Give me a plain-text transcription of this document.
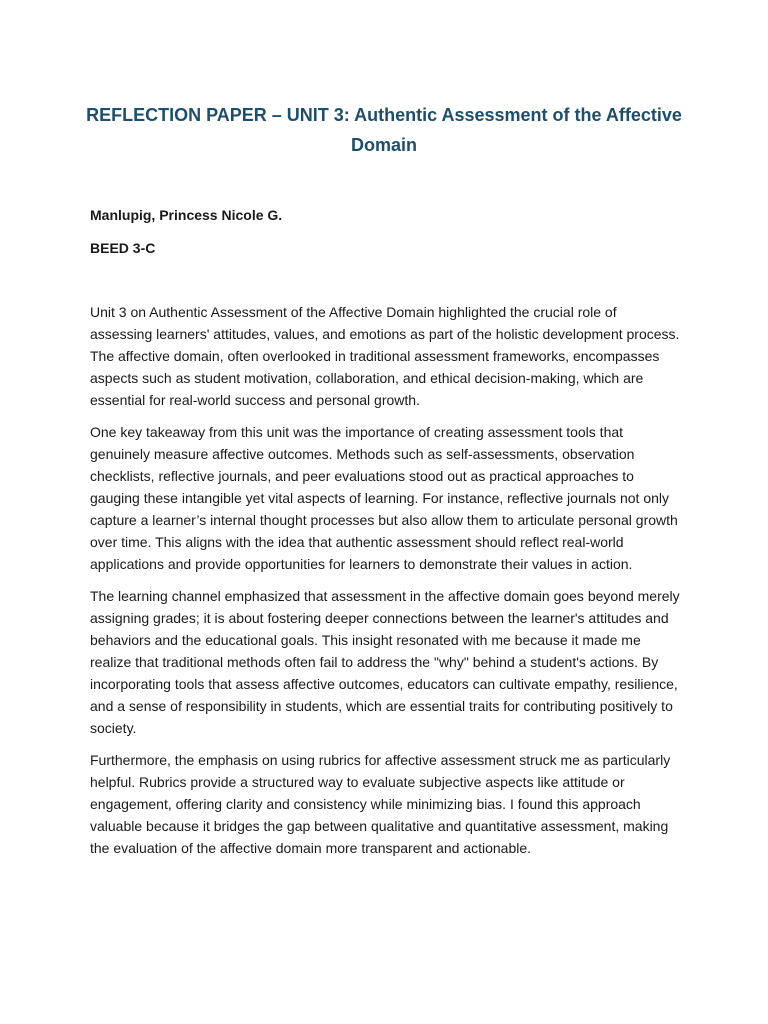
REFLECTION PAPER – UNIT 3: Authentic Assessment of the Affective Domain

Manlupig, Princess Nicole G.

BEED 3-C

Unit 3 on Authentic Assessment of the Affective Domain highlighted the crucial role of assessing learners' attitudes, values, and emotions as part of the holistic development process. The affective domain, often overlooked in traditional assessment frameworks, encompasses aspects such as student motivation, collaboration, and ethical decision-making, which are essential for real-world success and personal growth.

One key takeaway from this unit was the importance of creating assessment tools that genuinely measure affective outcomes. Methods such as self-assessments, observation checklists, reflective journals, and peer evaluations stood out as practical approaches to gauging these intangible yet vital aspects of learning. For instance, reflective journals not only capture a learner’s internal thought processes but also allow them to articulate personal growth over time. This aligns with the idea that authentic assessment should reflect real-world applications and provide opportunities for learners to demonstrate their values in action.

The learning channel emphasized that assessment in the affective domain goes beyond merely assigning grades; it is about fostering deeper connections between the learner's attitudes and behaviors and the educational goals. This insight resonated with me because it made me realize that traditional methods often fail to address the "why" behind a student's actions. By incorporating tools that assess affective outcomes, educators can cultivate empathy, resilience, and a sense of responsibility in students, which are essential traits for contributing positively to society.

Furthermore, the emphasis on using rubrics for affective assessment struck me as particularly helpful. Rubrics provide a structured way to evaluate subjective aspects like attitude or engagement, offering clarity and consistency while minimizing bias. I found this approach valuable because it bridges the gap between qualitative and quantitative assessment, making the evaluation of the affective domain more transparent and actionable.
